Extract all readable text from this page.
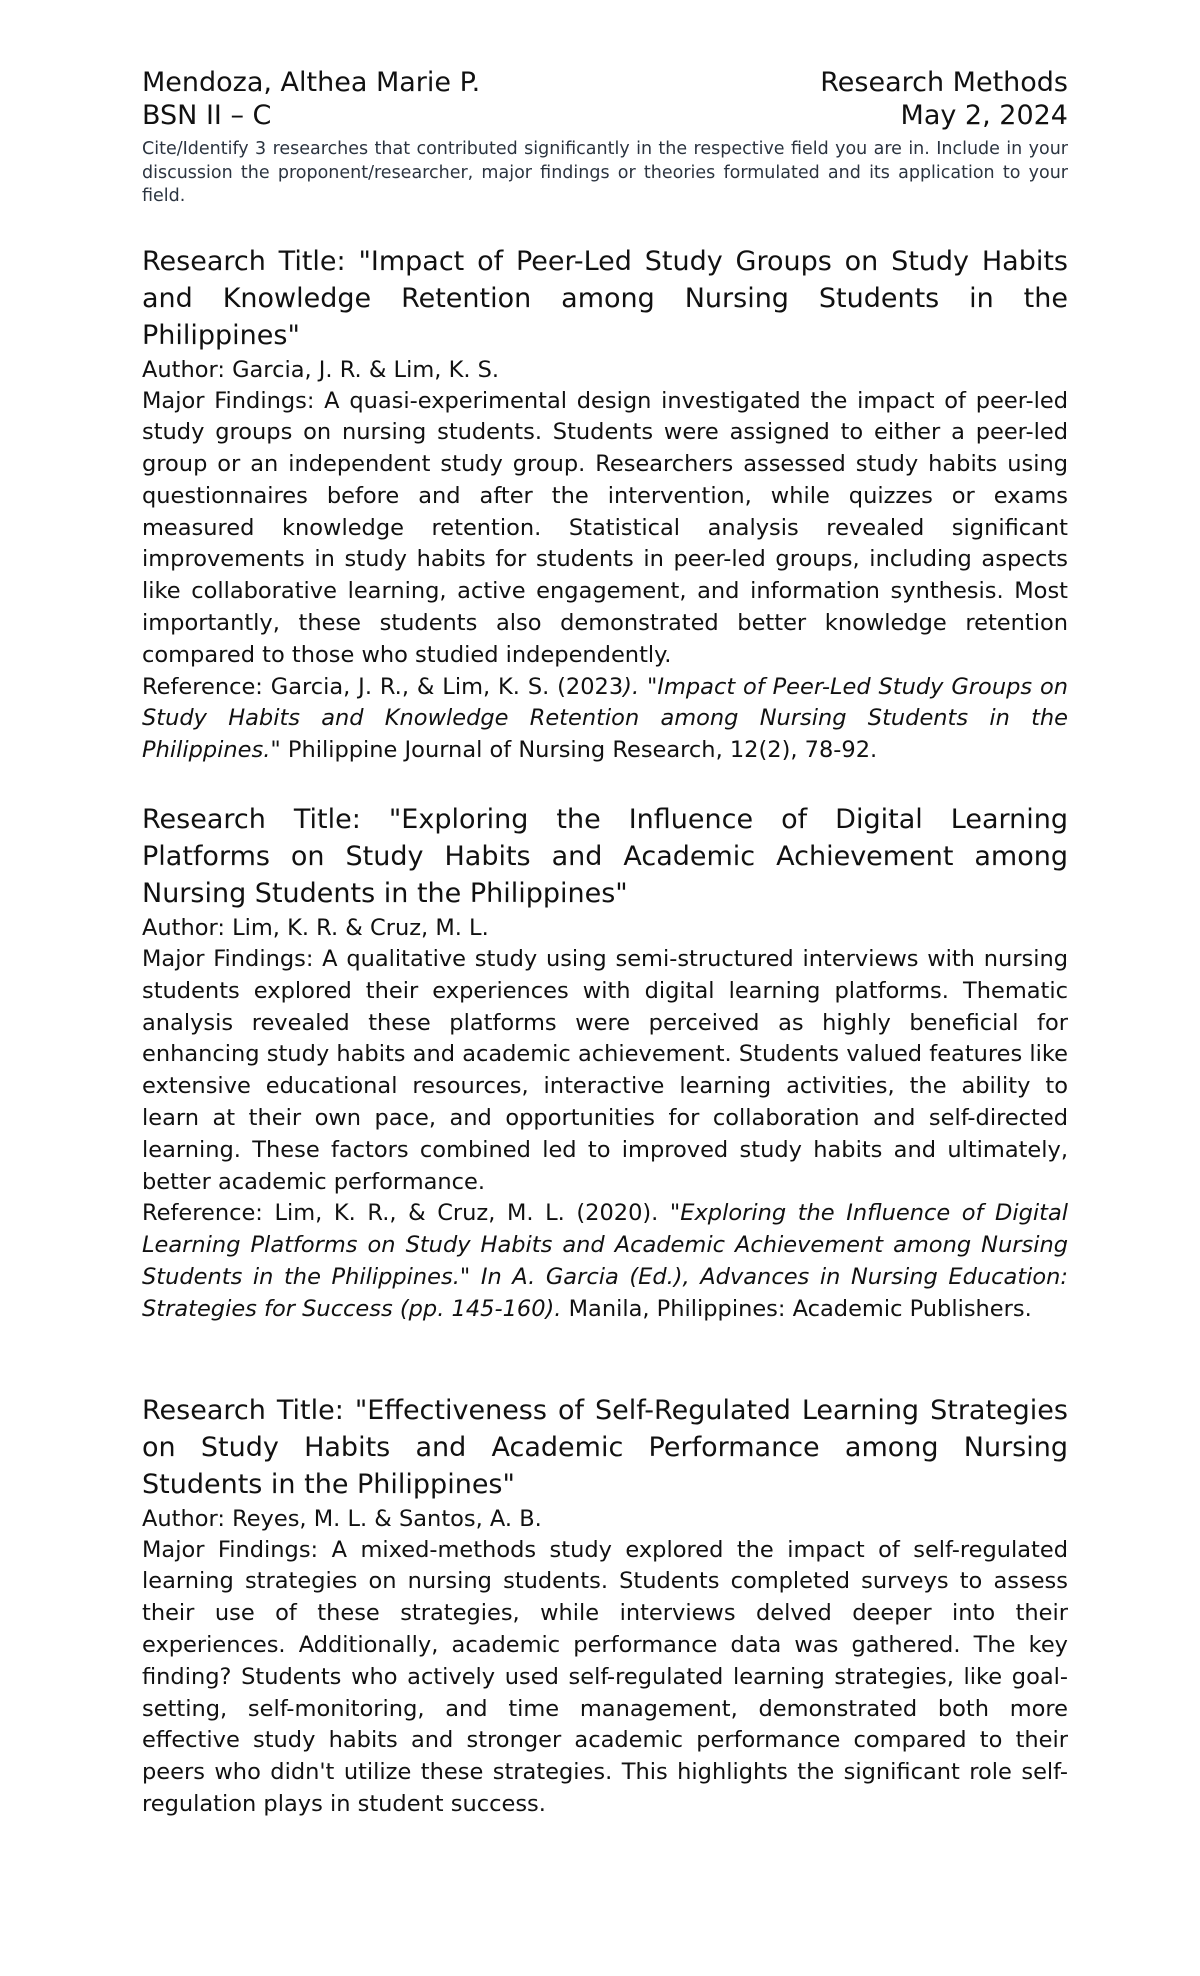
Mendoza, Althea Marie P.	Research Methods
BSN II – C	May 2, 2024

Cite/Identify 3 researches that contributed significantly in the respective field you are in. Include in your discussion the proponent/researcher, major findings or theories formulated and its application to your field.

Research Title: "Impact of Peer-Led Study Groups on Study Habits and Knowledge Retention among Nursing Students in the Philippines"

Author: Garcia, J. R. & Lim, K. S.

Major Findings: A quasi-experimental design investigated the impact of peer-led study groups on nursing students. Students were assigned to either a peer-led group or an independent study group. Researchers assessed study habits using questionnaires before and after the intervention, while quizzes or exams measured knowledge retention. Statistical analysis revealed significant improvements in study habits for students in peer-led groups, including aspects like collaborative learning, active engagement, and information synthesis. Most importantly, these students also demonstrated better knowledge retention compared to those who studied independently.

Reference: Garcia, J. R., & Lim, K. S. (2023). "Impact of Peer-Led Study Groups on Study Habits and Knowledge Retention among Nursing Students in the Philippines." Philippine Journal of Nursing Research, 12(2), 78-92.

Research Title: "Exploring the Influence of Digital Learning Platforms on Study Habits and Academic Achievement among Nursing Students in the Philippines"

Author: Lim, K. R. & Cruz, M. L.

Major Findings: A qualitative study using semi-structured interviews with nursing students explored their experiences with digital learning platforms. Thematic analysis revealed these platforms were perceived as highly beneficial for enhancing study habits and academic achievement. Students valued features like extensive educational resources, interactive learning activities, the ability to learn at their own pace, and opportunities for collaboration and self-directed learning. These factors combined led to improved study habits and ultimately, better academic performance.

Reference: Lim, K. R., & Cruz, M. L. (2020). "Exploring the Influence of Digital Learning Platforms on Study Habits and Academic Achievement among Nursing Students in the Philippines." In A. Garcia (Ed.), Advances in Nursing Education: Strategies for Success (pp. 145-160). Manila, Philippines: Academic Publishers.

Research Title: "Effectiveness of Self-Regulated Learning Strategies on Study Habits and Academic Performance among Nursing Students in the Philippines"

Author: Reyes, M. L. & Santos, A. B.

Major Findings: A mixed-methods study explored the impact of self-regulated learning strategies on nursing students. Students completed surveys to assess their use of these strategies, while interviews delved deeper into their experiences. Additionally, academic performance data was gathered. The key finding? Students who actively used self-regulated learning strategies, like goal-setting, self-monitoring, and time management, demonstrated both more effective study habits and stronger academic performance compared to their peers who didn't utilize these strategies. This highlights the significant role self-regulation plays in student success.
